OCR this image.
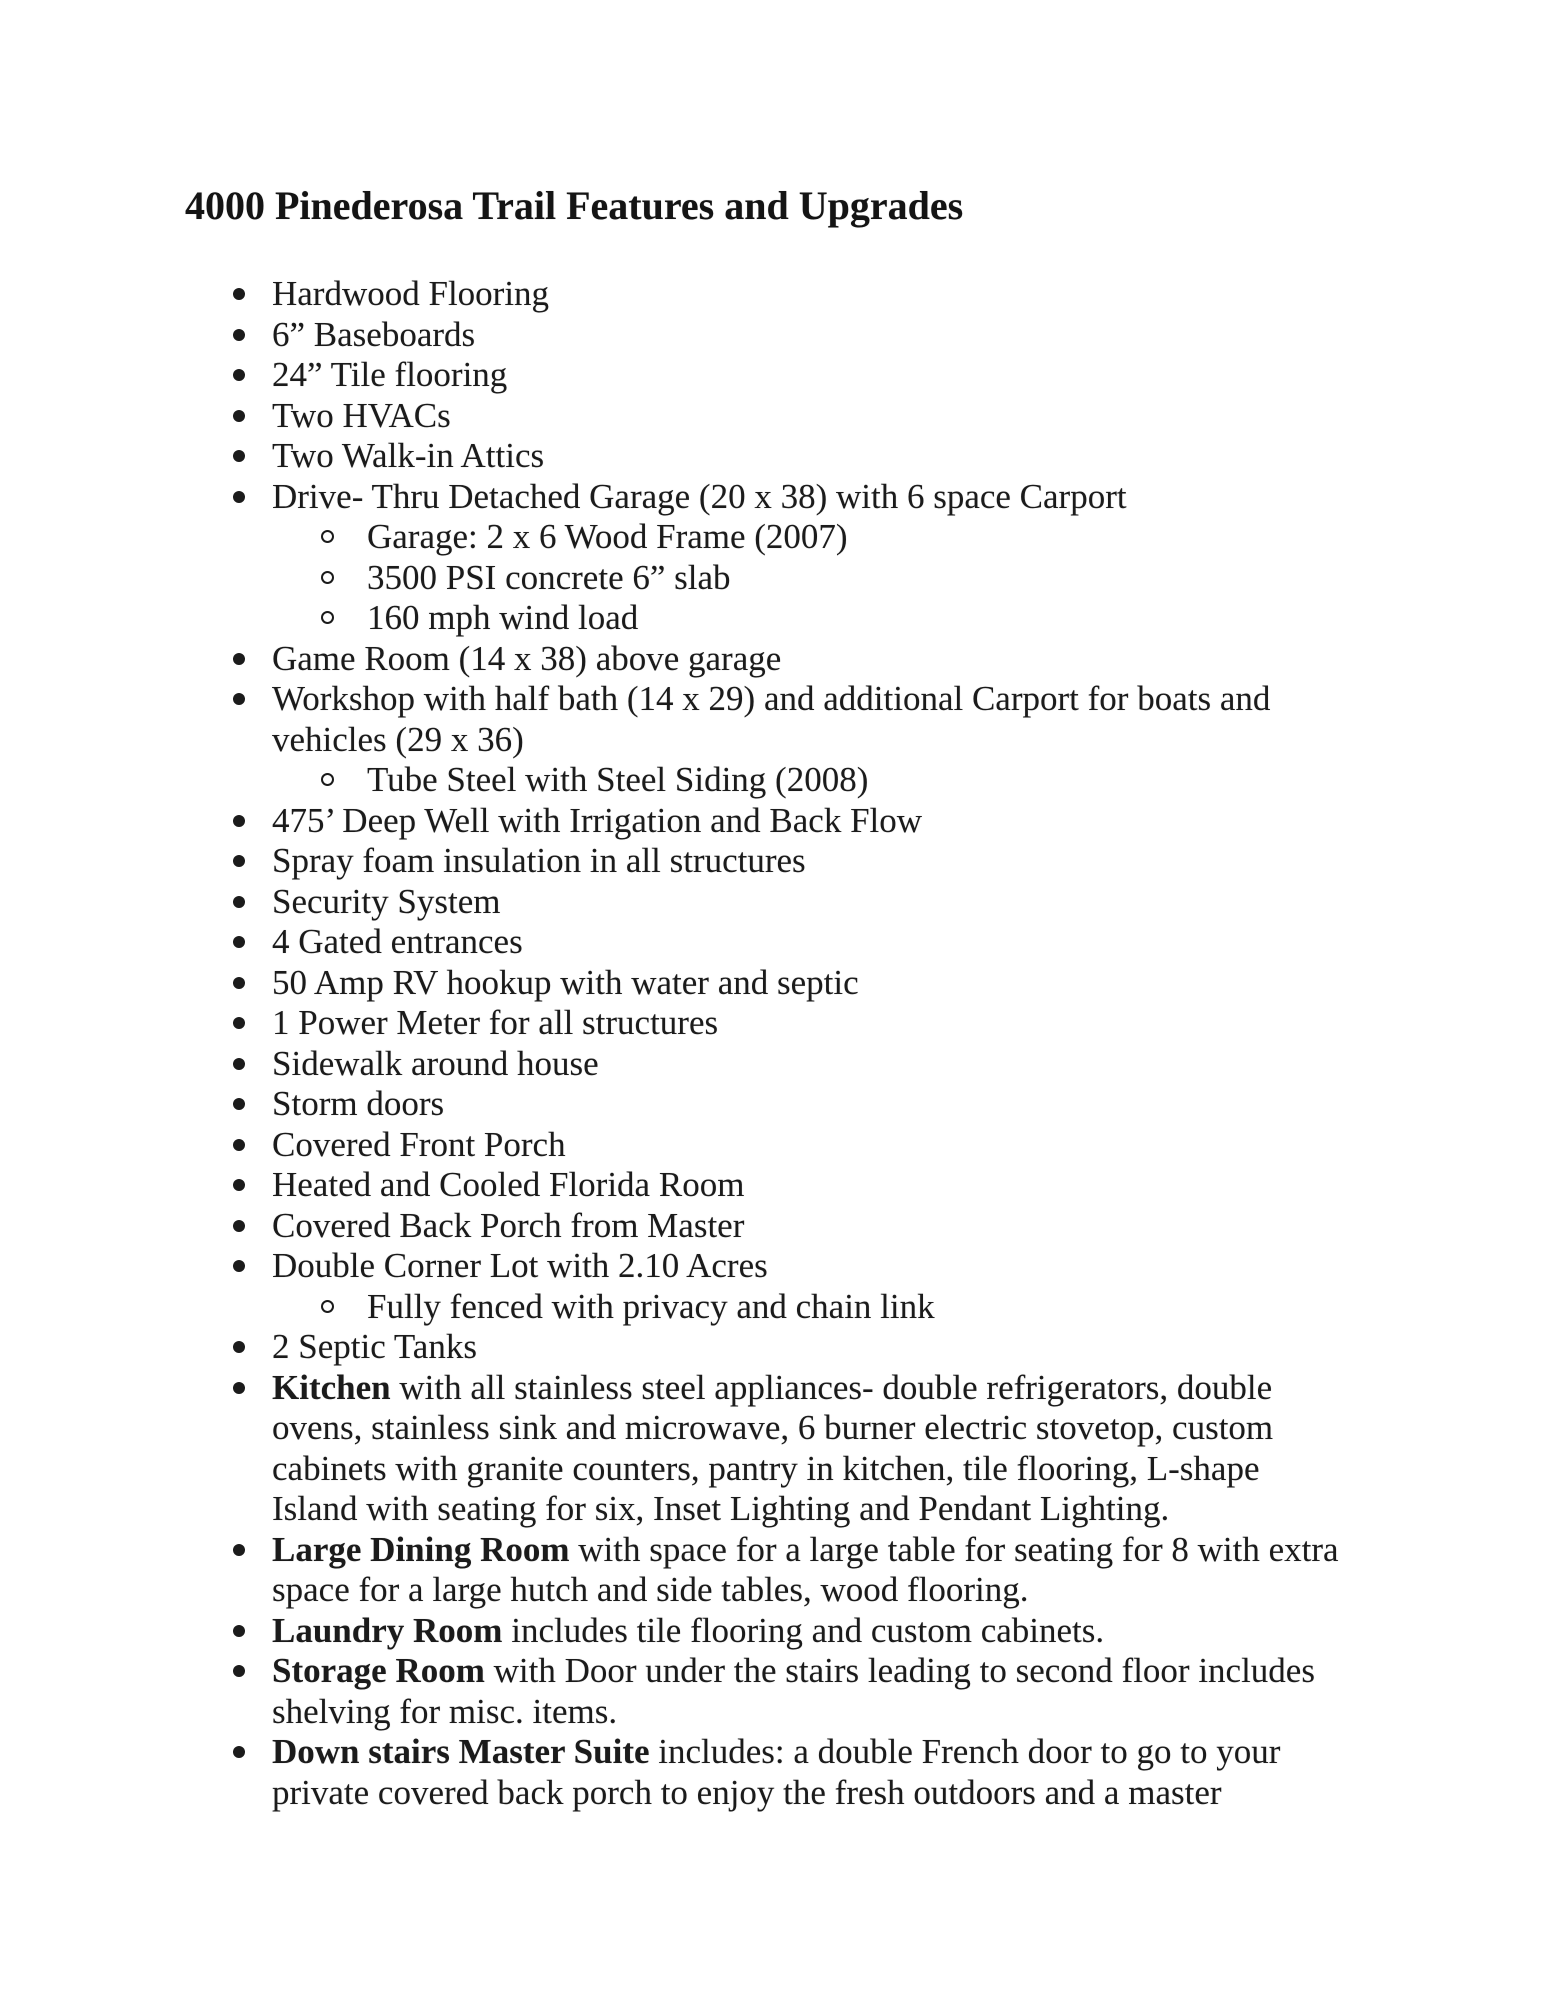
4000 Pinederosa Trail Features and Upgrades
Hardwood Flooring
6” Baseboards
24” Tile flooring
Two HVACs
Two Walk-in Attics
Drive- Thru Detached Garage (20 x 38) with 6 space Carport
Garage: 2 x 6 Wood Frame (2007)
3500 PSI concrete 6” slab
160 mph wind load
Game Room (14 x 38) above garage
Workshop with half bath (14 x 29) and additional Carport for boats and
vehicles (29 x 36)
Tube Steel with Steel Siding (2008)
475’ Deep Well with Irrigation and Back Flow
Spray foam insulation in all structures
Security System
4 Gated entrances
50 Amp RV hookup with water and septic
1 Power Meter for all structures
Sidewalk around house
Storm doors
Covered Front Porch
Heated and Cooled Florida Room
Covered Back Porch from Master
Double Corner Lot with 2.10 Acres
Fully fenced with privacy and chain link
2 Septic Tanks
Kitchen with all stainless steel appliances- double refrigerators, double
ovens, stainless sink and microwave, 6 burner electric stovetop, custom
cabinets with granite counters, pantry in kitchen, tile flooring, L-shape
Island with seating for six, Inset Lighting and Pendant Lighting.
Large Dining Room with space for a large table for seating for 8 with extra
space for a large hutch and side tables, wood flooring.
Laundry Room includes tile flooring and custom cabinets.
Storage Room with Door under the stairs leading to second floor includes
shelving for misc. items.
Down stairs Master Suite includes: a double French door to go to your
private covered back porch to enjoy the fresh outdoors and a master
